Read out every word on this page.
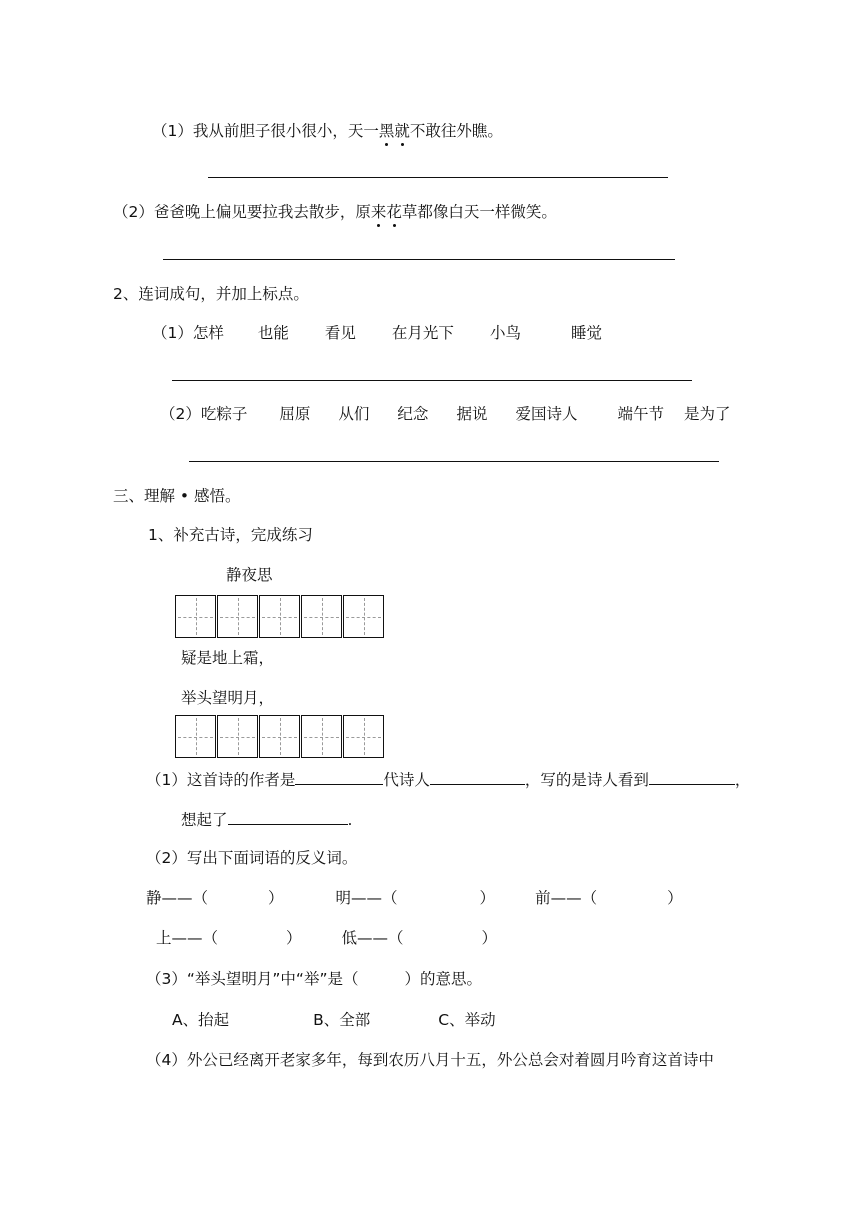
（1）我从前胆子很小很小，天一黑就不敢往外瞧。
（2）爸爸晚上偏见要拉我去散步，原来花草都像白天一样微笑。
2、连词成句，并加上标点。
（1）怎样 也能 看见 在月光下 小鸟	睡觉
（2）吃粽子 屈原 从们 纪念 据说 爱国诗人	端午节 是为了
三、理解 • 感悟。
1、补充古诗，完成练习
静夜思
疑是地上霜，
举头望明月，
（1）这首诗的作者是	代诗人	，写的是诗人看到	，
想起了	.
（2）写出下面词语的反义词。
静——（	）	明——（	）	前——（	）
上——（	）	低——（	）
（3）“举头望明月”中“举”是（	）的意思。
A、抬起	B、全部	C、举动
（4）外公已经离开老家多年，每到农历八月十五，外公总会对着圆月吟育这首诗中
